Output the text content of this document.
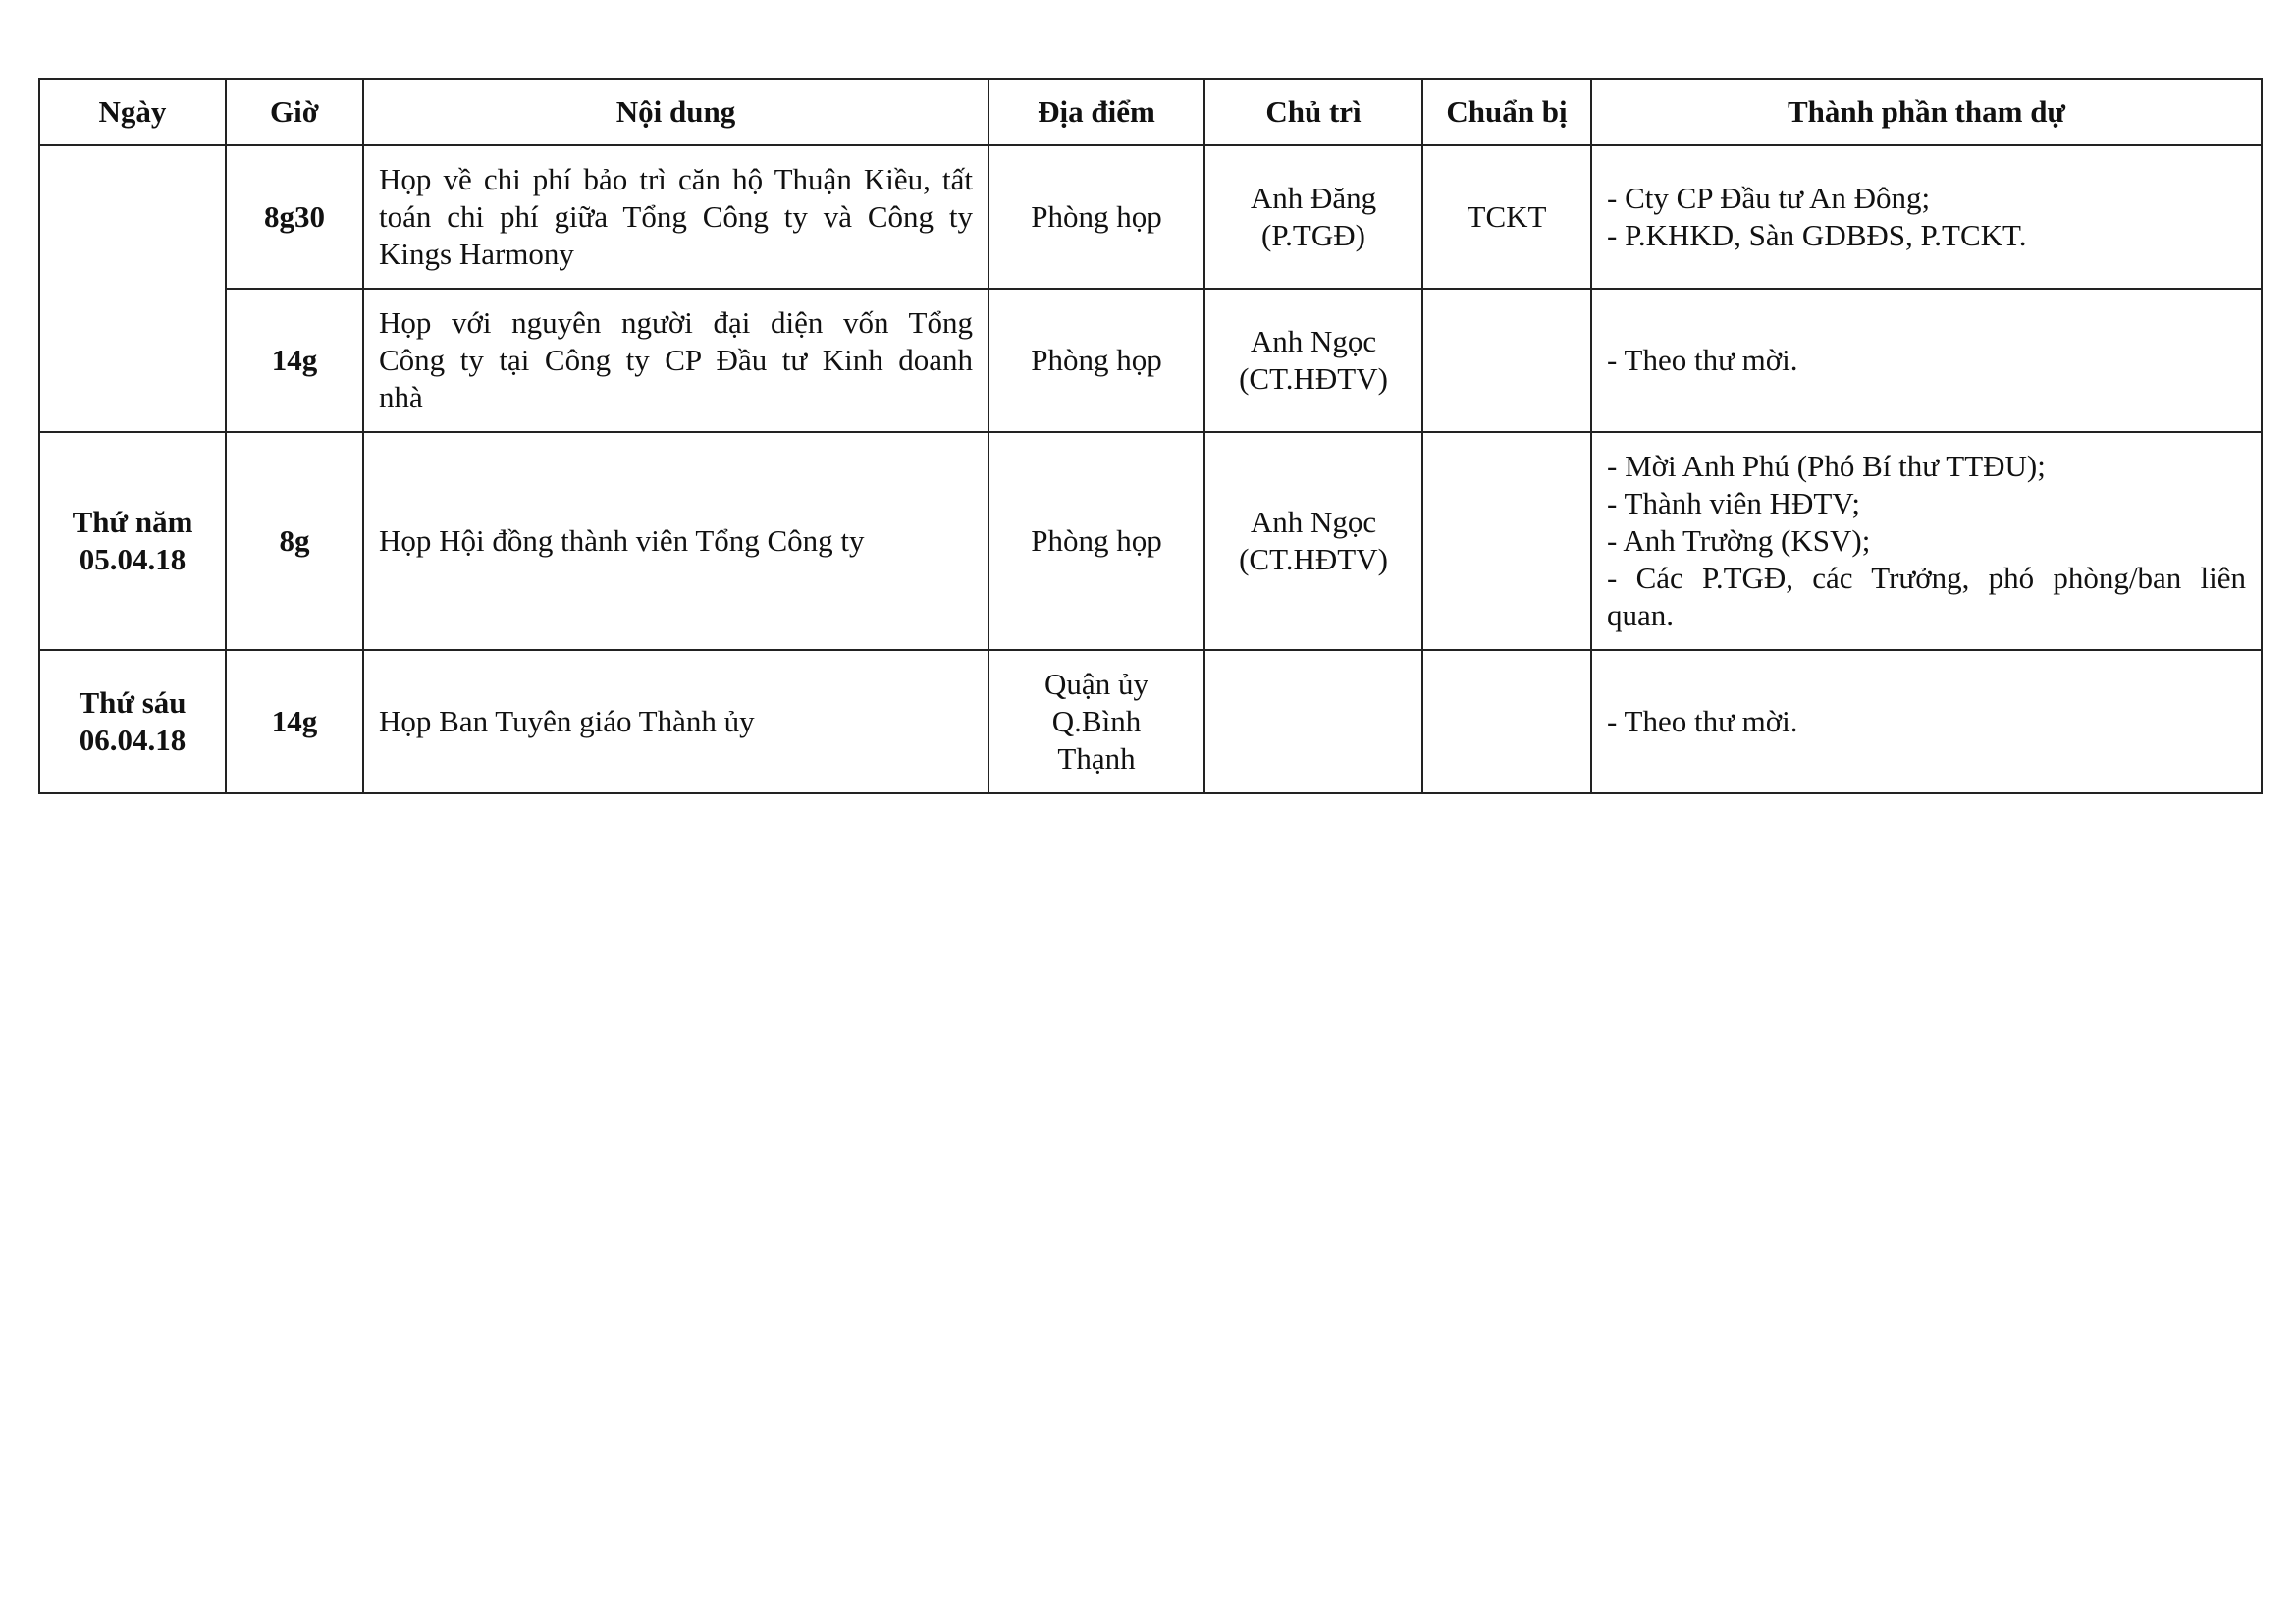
Ngày	Giờ	Nội dung	Địa điểm	Chủ trì	Chuẩn bị	Thành phần tham dự

	8g30	Họp về chi phí bảo trì căn hộ Thuận Kiều, tất
toán chi phí giữa Tổng Công ty và Công ty
Kings Harmony	Phòng họp	Anh Đăng
(P.TGĐ)	TCKT	- Cty CP Đầu tư An Đông;
- P.KHKD, Sàn GDBĐS, P.TCKT.

	14g	Họp với nguyên người đại diện vốn Tổng
Công ty tại Công ty CP Đầu tư Kinh doanh
nhà	Phòng họp	Anh Ngọc
(CT.HĐTV)		- Theo thư mời.

Thứ năm
05.04.18	8g	Họp Hội đồng thành viên Tổng Công ty	Phòng họp	Anh Ngọc
(CT.HĐTV)		- Mời Anh Phú (Phó Bí thư TTĐU);
- Thành viên HĐTV;
- Anh Trường (KSV);
- Các P.TGĐ, các Trưởng, phó phòng/ban liên
quan.

Thứ sáu
06.04.18	14g	Họp Ban Tuyên giáo Thành ủy	Quận ủy
Q.Bình
Thạnh			- Theo thư mời.
